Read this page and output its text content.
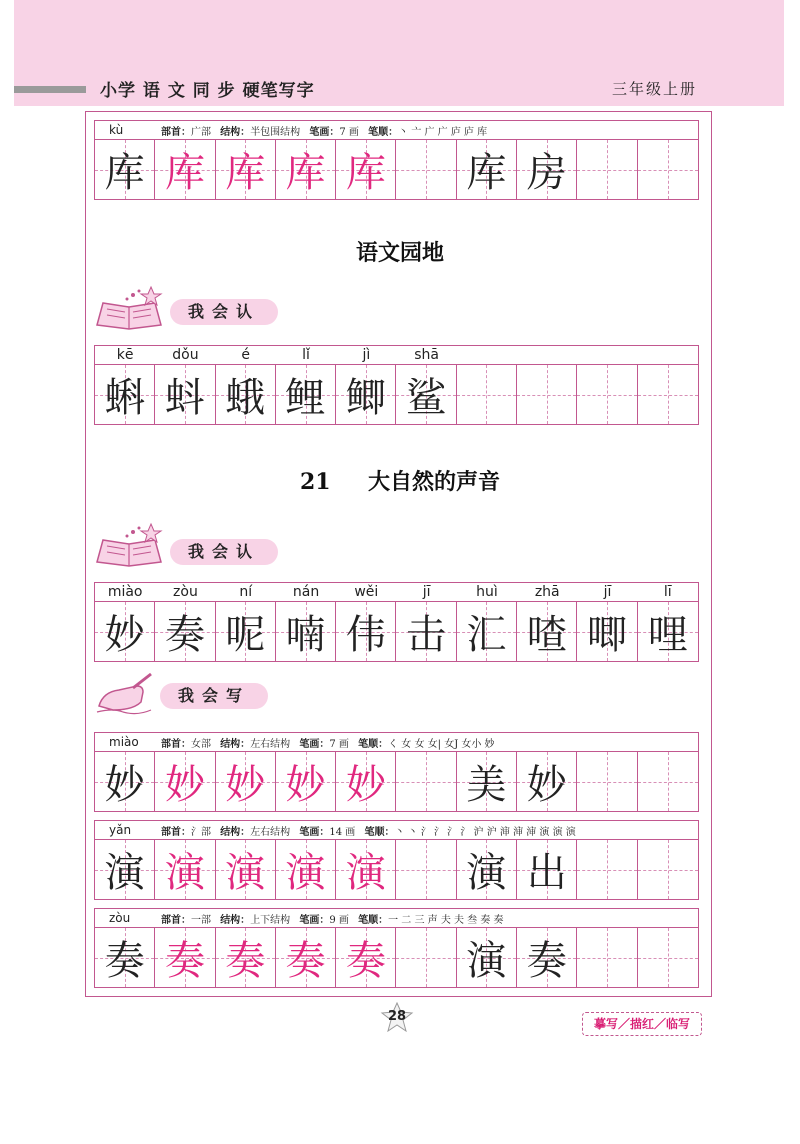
小学 语 文 同 步 硬笔写字	三年级上册
kù	部首：广部 结构：半包围结构 笔画：7 画 笔顺：丶 亠 广 广 庐 庐 库
库 库 库 库 库 库 房
语文园地
我会认
kē	dǒu	é	lǐ	jì	shā
蝌 蚪 蛾 鲤 鲫 鲨
21 大自然的声音
我会认
miào	zòu	ní	nán	wěi	jī	huì	zhā	jī	lī
妙 奏 呢 喃 伟 击 汇 喳 唧 哩
我会写
miào	部首：女部 结构：左右结构 笔画：7 画 笔顺：く 女 女 女| 女J 女小 妙
妙 妙 妙 妙 妙 美 妙
yǎn	部首：氵部 结构：左右结构 笔画：14 画 笔顺：丶 丶 氵 氵 氵 氵 沪 沪 渖 渖 渖 演 演 演
演 演 演 演 演 演 出
zòu	部首：一部 结构：上下结构 笔画：9 画 笔顺：一 二 三 声 夫 夫 叁 奏 奏
奏 奏 奏 奏 奏 演 奏
28	摹写／描红／临写
